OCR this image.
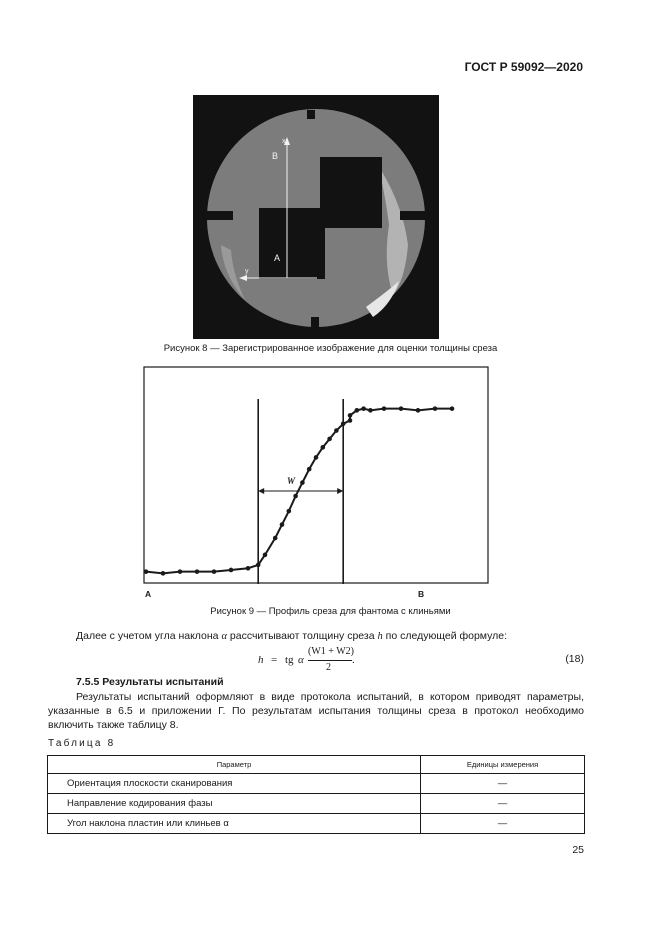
ГОСТ Р 59092—2020
x
y
B
A
Рисунок 8 — Зарегистрированное изображение для оценки толщины среза
A	B
W
Рисунок 9 — Профиль среза для фантома с клиньями
Далее с учетом угла наклона α рассчитывают толщину среза h по следующей формуле:
h = tg α
(W1 + W2)
2
.	(18)
7.5.5 Результаты испытаний
Результаты испытаний оформляют в виде протокола испытаний, в котором приводят параметры, указанные в 6.5 и приложении Г. По результатам испытания толщины среза в протокол необходимо включить также таблицу 8.
Таблица 8
Параметр	Единицы измерения
Ориентация плоскости сканирования	—
Направление кодирования фазы	—
Угол наклона пластин или клиньев α	—
25
